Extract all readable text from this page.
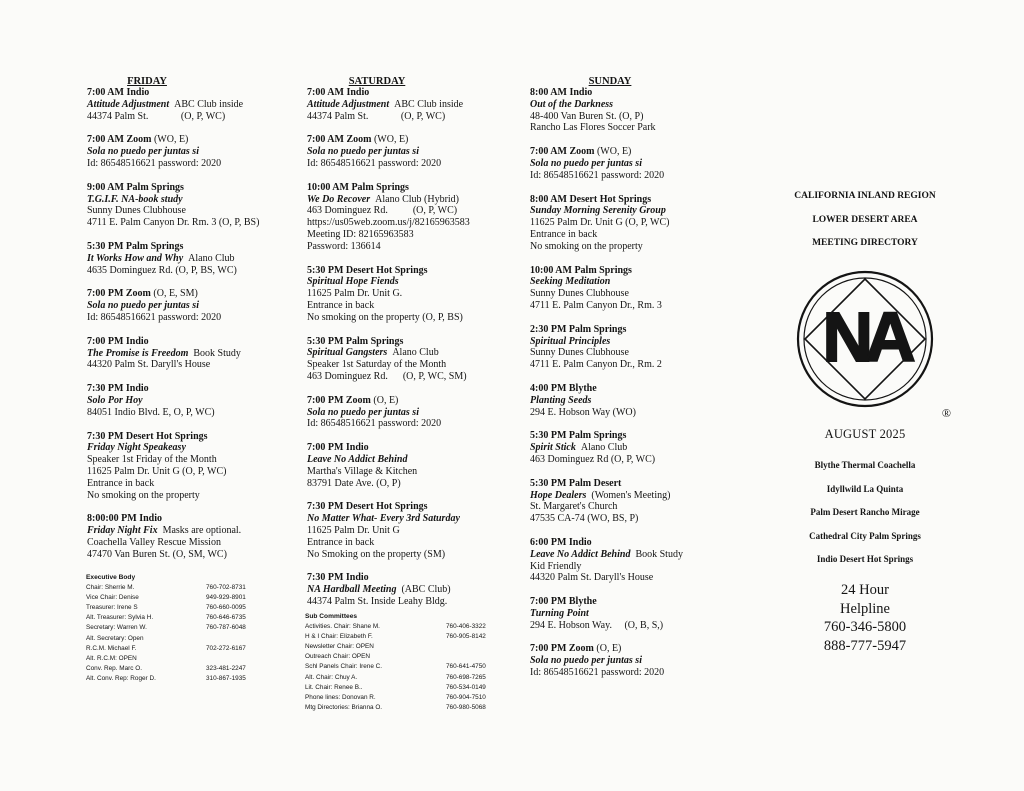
FRIDAY
7:00 AM Indio
Attitude Adjustment  ABC Club inside
44374 Palm St.             (O, P, WC)
7:00 AM Zoom (WO, E)
Sola no puedo per juntas si
Id: 86548516621 password: 2020
9:00 AM Palm Springs
T.G.I.F. NA-book study
Sunny Dunes Clubhouse
4711 E. Palm Canyon Dr. Rm. 3 (O, P, BS)
5:30 PM Palm Springs
It Works How and Why  Alano Club
4635 Dominguez Rd. (O, P, BS, WC)
7:00 PM Zoom (O, E, SM)
Sola no puedo per juntas si
Id: 86548516621 password: 2020
7:00 PM Indio
The Promise is Freedom  Book Study
44320 Palm St. Daryll's House
7:30 PM Indio
Solo Por Hoy
84051 Indio Blvd. E, O, P, WC)
7:30 PM Desert Hot Springs
Friday Night Speakeasy
Speaker 1st Friday of the Month
11625 Palm Dr. Unit G (O, P, WC)
Entrance in back
No smoking on the property
8:00:00 PM Indio
Friday Night Fix  Masks are optional.
Coachella Valley Rescue Mission
47470 Van Buren St. (O, SM, WC)
SATURDAY
7:00 AM Indio
Attitude Adjustment  ABC Club inside
44374 Palm St.             (O, P, WC)
7:00 AM Zoom (WO, E)
Sola no puedo per juntas si
Id: 86548516621 password: 2020
10:00 AM Palm Springs
We Do Recover  Alano Club (Hybrid)
463 Dominguez Rd.          (O, P, WC)
https://us05web.zoom.us/j/82165963583
Meeting ID: 82165963583
Password: 136614
5:30 PM Desert Hot Springs
Spiritual Hope Fiends
11625 Palm Dr. Unit G.
Entrance in back
No smoking on the property (O, P, BS)
5:30 PM Palm Springs
Spiritual Gangsters  Alano Club
Speaker 1st Saturday of the Month
463 Dominguez Rd.      (O, P, WC, SM)
7:00 PM Zoom (O, E)
Sola no puedo per juntas si
Id: 86548516621 password: 2020
7:00 PM Indio
Leave No Addict Behind
Martha's Village & Kitchen
83791 Date Ave. (O, P)
7:30 PM Desert Hot Springs
No Matter What- Every 3rd Saturday
11625 Palm Dr. Unit G
Entrance in back
No Smoking on the property (SM)
7:30 PM Indio
NA Hardball Meeting  (ABC Club)
44374 Palm St. Inside Leahy Bldg.
SUNDAY
8:00 AM Indio
Out of the Darkness
48-400 Van Buren St. (O, P)
Rancho Las Flores Soccer Park
7:00 AM Zoom (WO, E)
Sola no puedo per juntas si
Id: 86548516621 password: 2020
8:00 AM Desert Hot Springs
Sunday Morning Serenity Group
11625 Palm Dr. Unit G (O, P, WC)
Entrance in back
No smoking on the property
10:00 AM Palm Springs
Seeking Meditation
Sunny Dunes Clubhouse
4711 E. Palm Canyon Dr., Rm. 3
2:30 PM Palm Springs
Spiritual Principles
Sunny Dunes Clubhouse
4711 E. Palm Canyon Dr., Rm. 2
4:00 PM Blythe
Planting Seeds
294 E. Hobson Way (WO)
5:30 PM Palm Springs
Spirit Stick  Alano Club
463 Dominguez Rd (O, P, WC)
5:30 PM Palm Desert
Hope Dealers  (Women's Meeting)
St. Margaret's Church
47535 CA-74 (WO, BS, P)
6:00 PM Indio
Leave No Addict Behind  Book Study
Kid Friendly
44320 Palm St. Daryll's House
7:00 PM Blythe
Turning Point
294 E. Hobson Way.     (O, B, S,)
7:00 PM Zoom (O, E)
Sola no puedo per juntas si
Id: 86548516621 password: 2020
Executive Body
Chair: Sherrie M.	760-702-8731
Vice Chair: Denise	949-929-8901
Treasurer: Irene S	760-660-0095
Alt. Treasurer: Sylvia H.	760-646-6735
Secretary: Warren W.	760-787-6048
Alt. Secretary: Open
R.C.M. Michael F.	702-272-6167
Alt. R.C.M: OPEN
Conv. Rep. Marc O.	323-481-2247
Alt. Conv. Rep: Roger D.	310-867-1935
Sub Committees
Activities. Chair: Shane M.	760-406-3322
H & I Chair: Elizabeth F.	760-905-8142
Newsletter Chair: OPEN
Outreach Chair: OPEN
Schl Panels Chair: Irene C.	760-641-4750
Alt. Chair: Chuy A.	760-698-7265
Lit. Chair: Renee B..	760-534-0149
Phone lines: Donovan R.	760-904-7510
Mtg Directories: Brianna O.	760-980-5068
CALIFORNIA INLAND REGION
LOWER DESERT AREA
MEETING DIRECTORY
NA
®
AUGUST 2025
Blythe Thermal Coachella
Idyllwild La Quinta
Palm Desert Rancho Mirage
Cathedral City Palm Springs
Indio Desert Hot Springs
24 Hour
Helpline
760-346-5800
888-777-5947
